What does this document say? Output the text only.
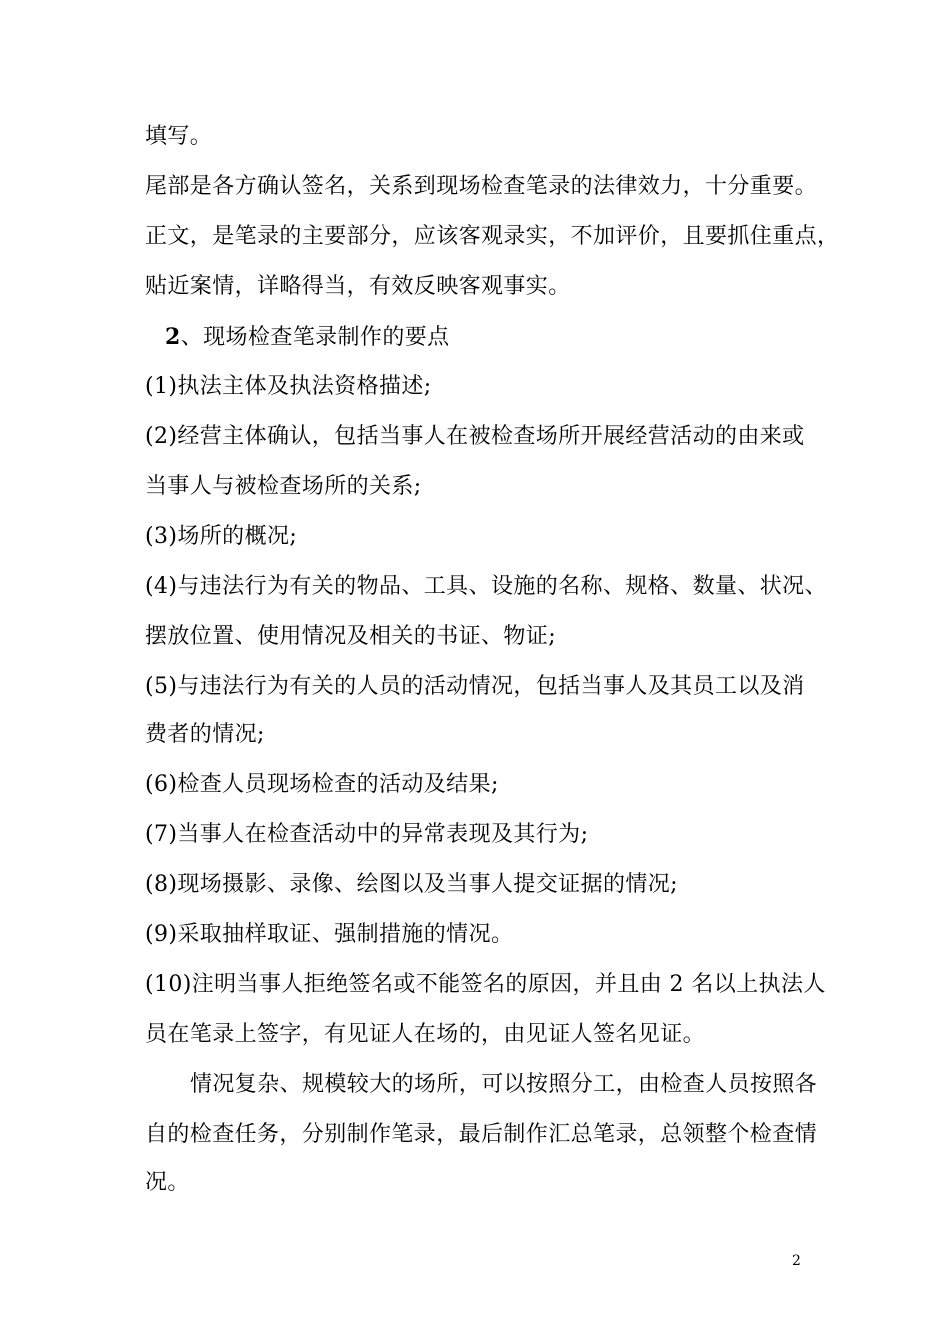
填写。
尾部是各方确认签名，关系到现场检查笔录的法律效力，十分重要。
正文，是笔录的主要部分，应该客观录实，不加评价，且要抓住重点，
贴近案情，详略得当，有效反映客观事实。
2、现场检查笔录制作的要点
(1)执法主体及执法资格描述;
(2)经营主体确认，包括当事人在被检查场所开展经营活动的由来或
当事人与被检查场所的关系;
(3)场所的概况;
(4)与违法行为有关的物品、工具、设施的名称、规格、数量、状况、
摆放位置、使用情况及相关的书证、物证;
(5)与违法行为有关的人员的活动情况，包括当事人及其员工以及消
费者的情况;
(6)检查人员现场检查的活动及结果;
(7)当事人在检查活动中的异常表现及其行为;
(8)现场摄影、录像、绘图以及当事人提交证据的情况;
(9)采取抽样取证、强制措施的情况。
(10)注明当事人拒绝签名或不能签名的原因，并且由 2 名以上执法人
员在笔录上签字，有见证人在场的，由见证人签名见证。
情况复杂、规模较大的场所，可以按照分工，由检查人员按照各
自的检查任务，分别制作笔录，最后制作汇总笔录，总领整个检查情
况。
2
